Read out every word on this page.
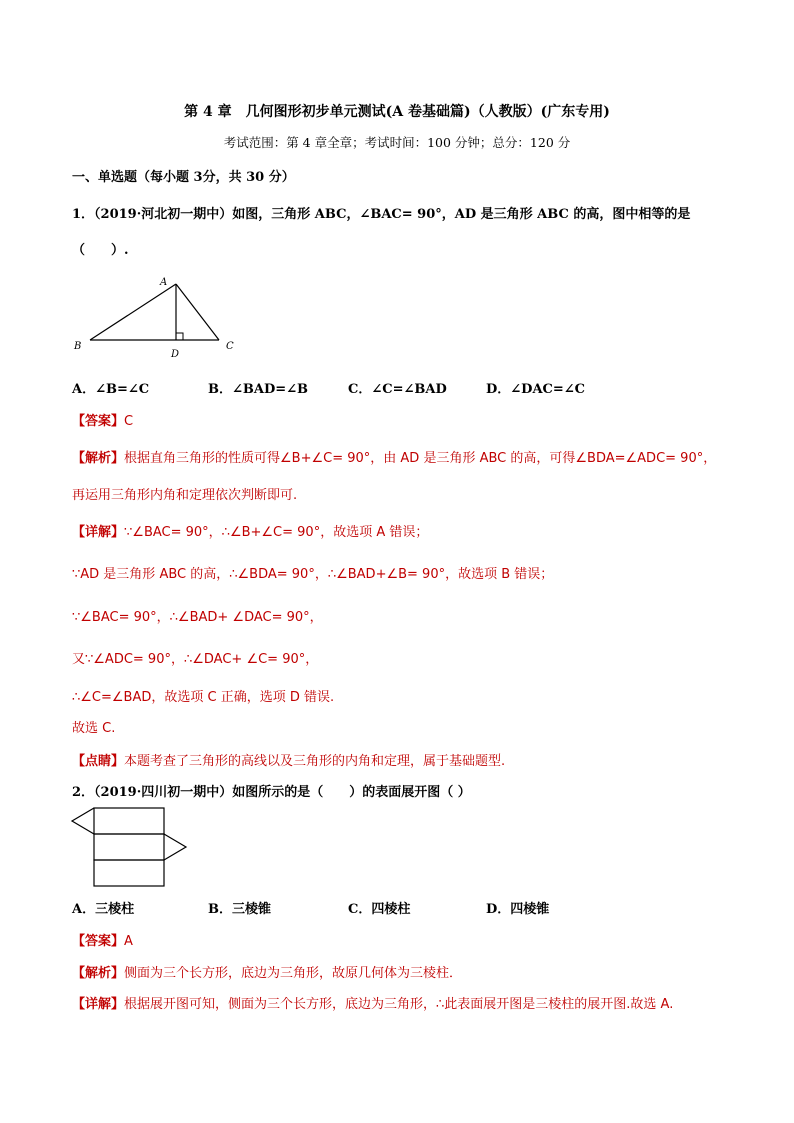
第 4 章　几何图形初步单元测试(A 卷基础篇)（人教版）(广东专用)
考试范围：第 4 章全章；考试时间：100 分钟；总分：120 分
一、单选题（每小题 3分，共 30 分）
1．（2019·河北初一期中）如图，三角形 ABC，∠BAC= 90°，AD 是三角形 ABC 的高，图中相等的是
（　　）.
A
B	C
D
A．∠B=∠C	B．∠BAD=∠B	C．∠C=∠BAD	D．∠DAC=∠C
【答案】C
【解析】根据直角三角形的性质可得∠B+∠C= 90°，由 AD 是三角形 ABC 的高，可得∠BDA=∠ADC= 90°，
再运用三角形内角和定理依次判断即可.
【详解】∵∠BAC= 90°，∴∠B+∠C= 90°，故选项 A 错误；
∵AD 是三角形 ABC 的高，∴∠BDA= 90°，∴∠BAD+∠B= 90°，故选项 B 错误；
∵∠BAC= 90°，∴∠BAD+ ∠DAC= 90°，
又∵∠ADC= 90°，∴∠DAC+ ∠C= 90°，
∴∠C=∠BAD，故选项 C 正确，选项 D 错误.
故选 C.
【点睛】本题考查了三角形的高线以及三角形的内角和定理，属于基础题型.
2．（2019·四川初一期中）如图所示的是（　　）的表面展开图（ ）
A．三棱柱	B．三棱锥	C．四棱柱	D．四棱锥
【答案】A
【解析】侧面为三个长方形，底边为三角形，故原几何体为三棱柱．
【详解】根据展开图可知，侧面为三个长方形，底边为三角形，∴此表面展开图是三棱柱的展开图.故选 A.
